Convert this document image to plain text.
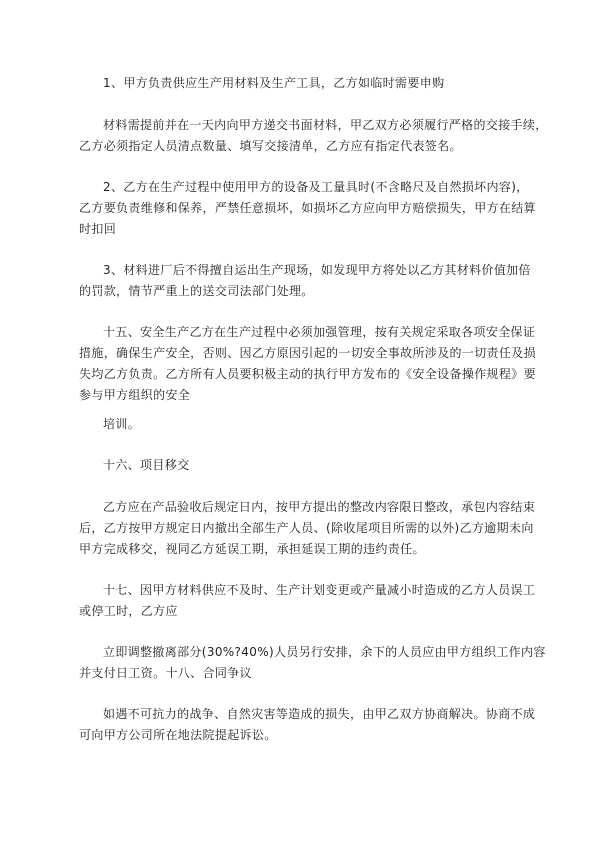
1、甲方负责供应生产用材料及生产工具，乙方如临时需要申购

材料需提前并在一天内向甲方递交书面材料，甲乙双方必须履行严格的交接手续，
乙方必须指定人员清点数量、填写交接清单，乙方应有指定代表签名。

2、乙方在生产过程中使用甲方的设备及工量具时(不含略尺及自然损坏内容)，
乙方要负责维修和保养，严禁任意损坏，如损坏乙方应向甲方赔偿损失，甲方在结算
时扣回

3、材料进厂后不得擅自运出生产现场，如发现甲方将处以乙方其材料价值加倍
的罚款，情节严重上的送交司法部门处理。

十五、安全生产乙方在生产过程中必须加强管理，按有关规定采取各项安全保证
措施，确保生产安全，否则、因乙方原因引起的一切安全事故所涉及的一切责任及损
失均乙方负责。乙方所有人员要积极主动的执行甲方发布的《安全设备操作规程》要
参与甲方组织的安全

培训。

十六、项目移交

乙方应在产品验收后规定日内，按甲方提出的整改内容限日整改，承包内容结束
后，乙方按甲方规定日内撤出全部生产人员、(除收尾项目所需的以外)乙方逾期未向
甲方完成移交，视同乙方延误工期，承担延误工期的违约责任。

十七、因甲方材料供应不及时、生产计划变更或产量减小时造成的乙方人员误工
或停工时，乙方应

立即调整撤离部分(30%?40%)人员另行安排，余下的人员应由甲方组织工作内容
并支付日工资。十八、合同争议

如遇不可抗力的战争、自然灾害等造成的损失，由甲乙双方协商解决。协商不成
可向甲方公司所在地法院提起诉讼。
